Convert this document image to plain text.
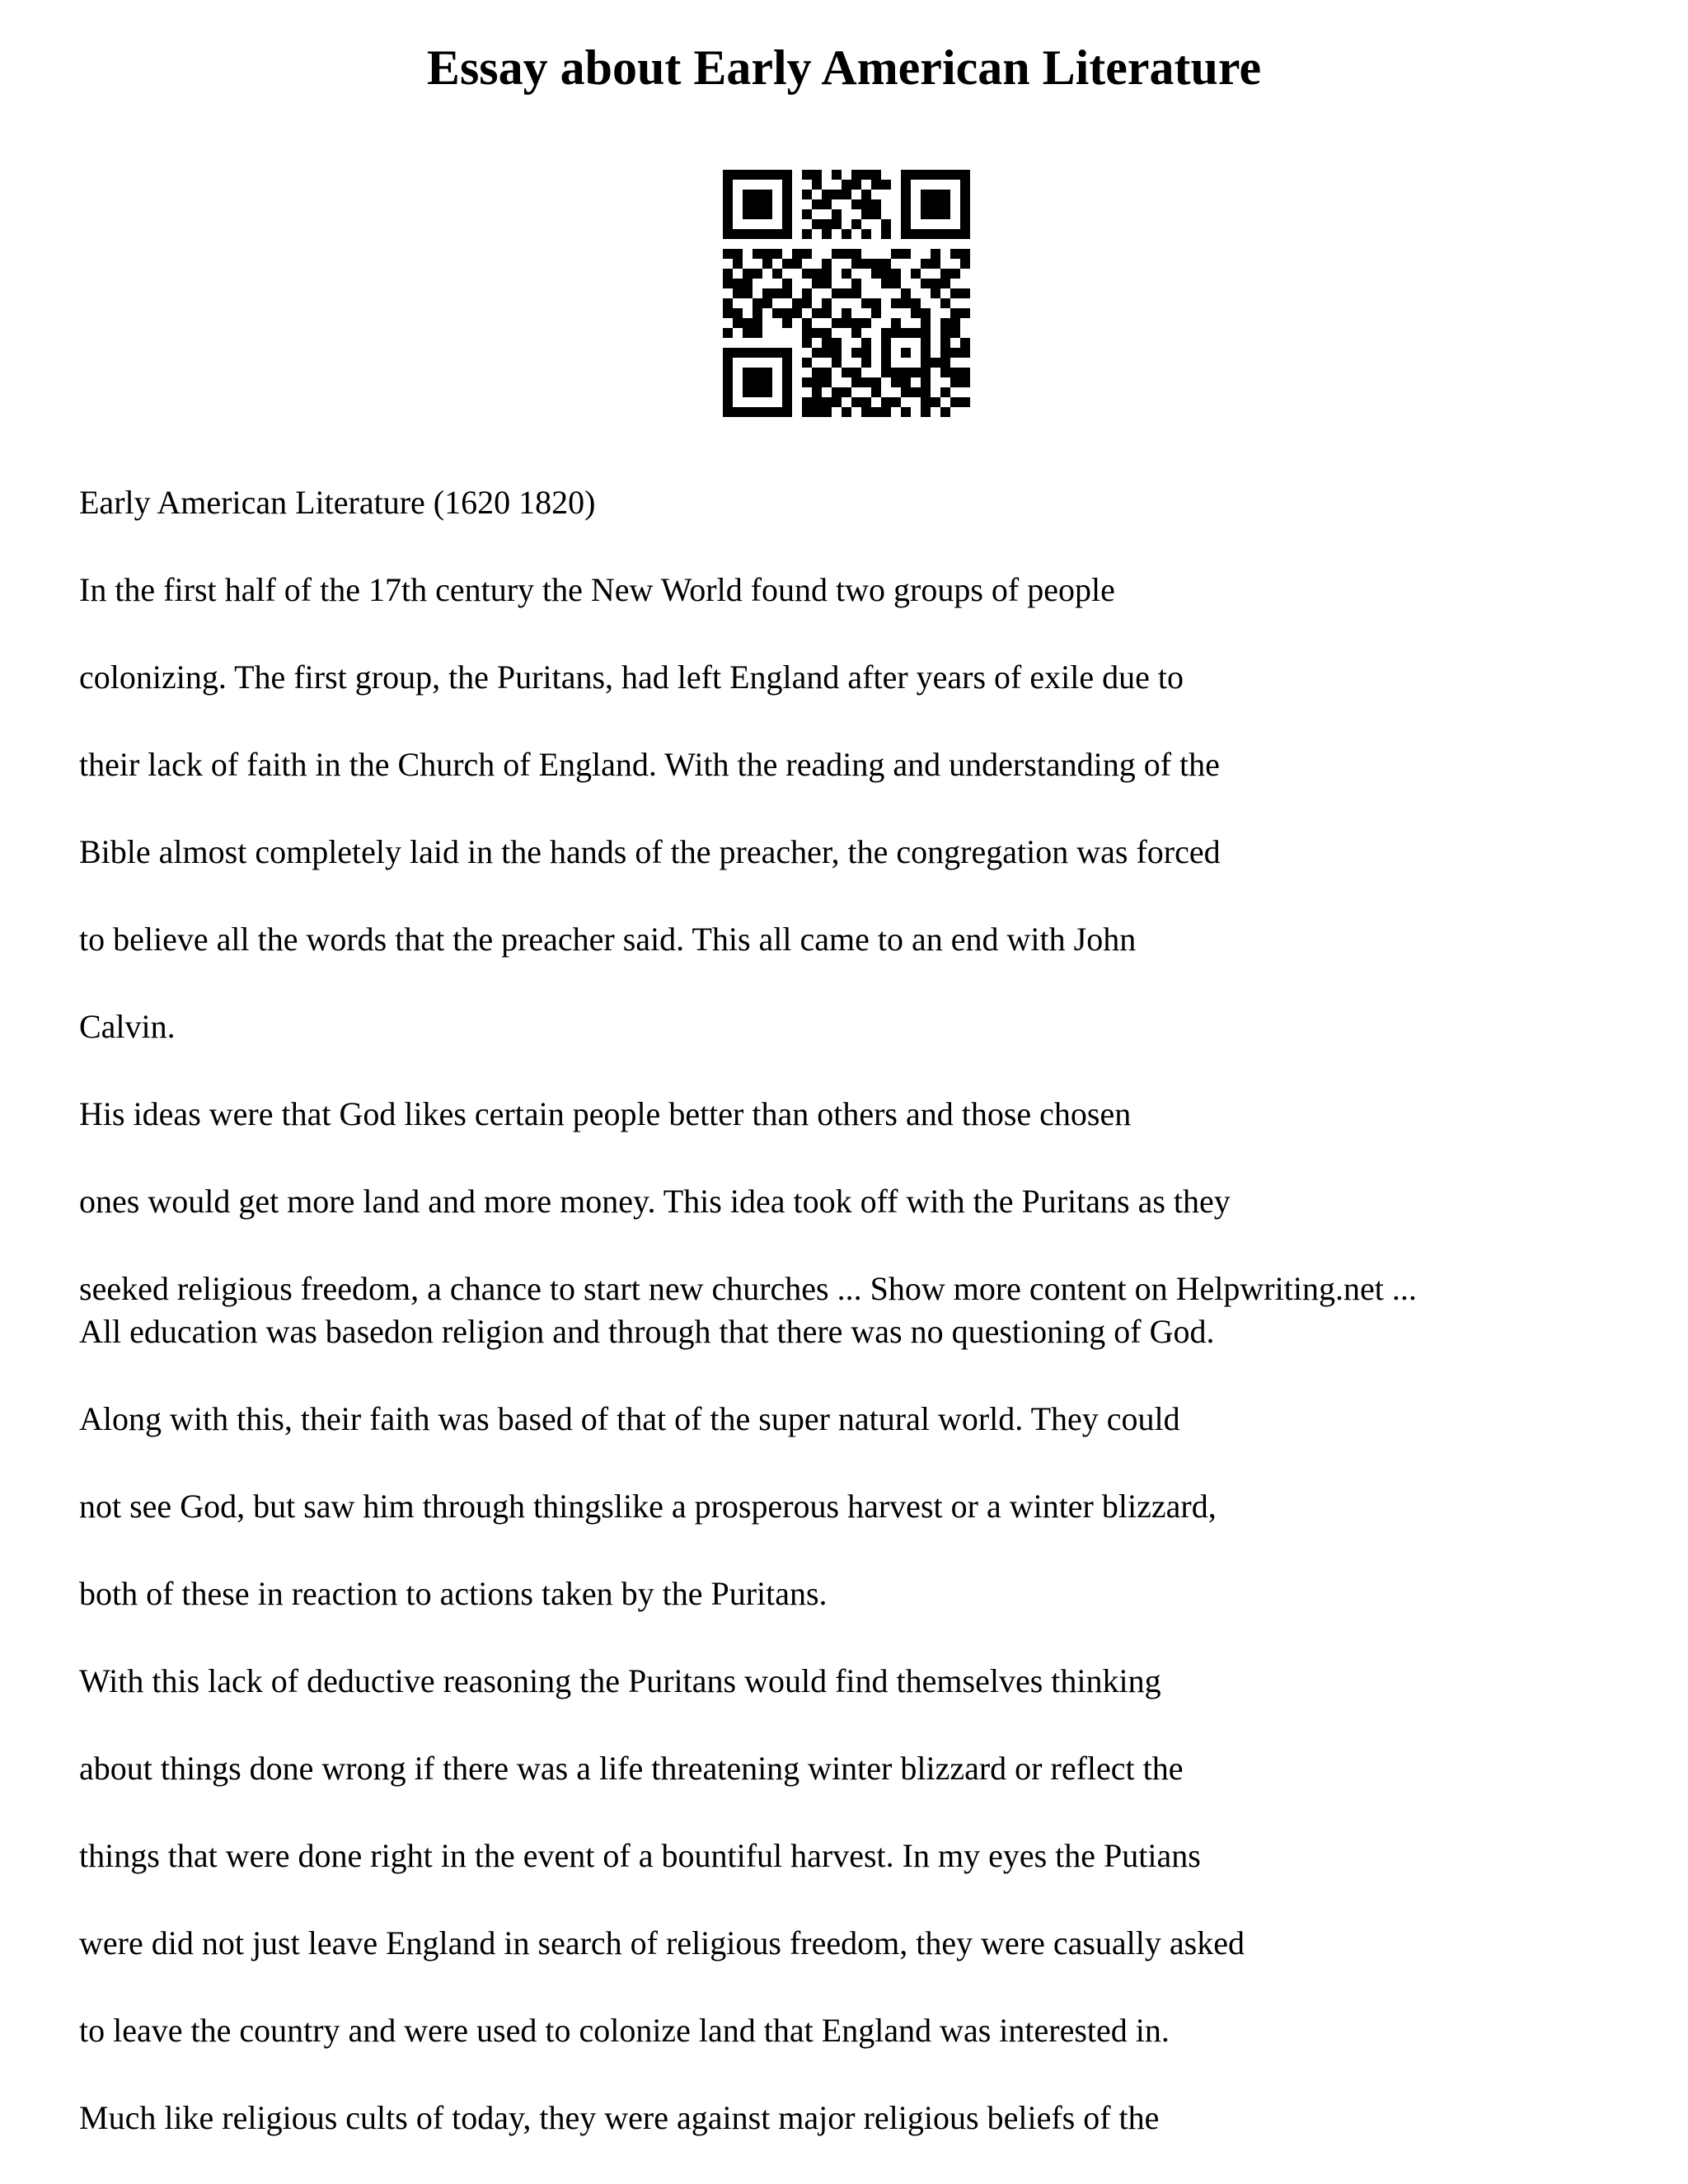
Essay about Early American Literature
Early American Literature (1620 1820)
In the first half of the 17th century the New World found two groups of people
colonizing. The first group, the Puritans, had left England after years of exile due to
their lack of faith in the Church of England. With the reading and understanding of the
Bible almost completely laid in the hands of the preacher, the congregation was forced
to believe all the words that the preacher said. This all came to an end with John
Calvin.
His ideas were that God likes certain people better than others and those chosen
ones would get more land and more money. This idea took off with the Puritans as they
seeked religious freedom, a chance to start new churches ... Show more content on Helpwriting.net ...
All education was basedon religion and through that there was no questioning of God.
Along with this, their faith was based of that of the super natural world. They could
not see God, but saw him through thingslike a prosperous harvest or a winter blizzard,
both of these in reaction to actions taken by the Puritans.
With this lack of deductive reasoning the Puritans would find themselves thinking
about things done wrong if there was a life threatening winter blizzard or reflect the
things that were done right in the event of a bountiful harvest. In my eyes the Putians
were did not just leave England in search of religious freedom, they were casually asked
to leave the country and were used to colonize land that England was interested in.
Much like religious cults of today, they were against major religious beliefs of the
